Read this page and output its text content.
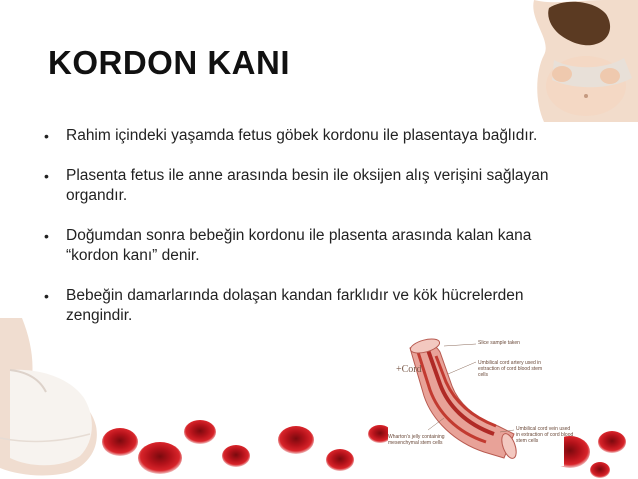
+Cord
Slice sample taken
Umbilical cord artery used in extraction of cord blood stem cells
Wharton's jelly containing mesenchymal stem cells
Umbilical cord vein used in extraction of cord blood stem cells
KORDON KANI
• Rahim içindeki yaşamda fetus göbek kordonu ile plasentaya bağlıdır.
• Plasenta fetus ile anne arasında besin ile oksijen alış verişini sağlayan organdır.
• Doğumdan sonra bebeğin kordonu ile plasenta arasında kalan kana “kordon kanı” denir.
• Bebeğin damarlarında dolaşan kandan farklıdır ve kök hücrelerden zengindir.
